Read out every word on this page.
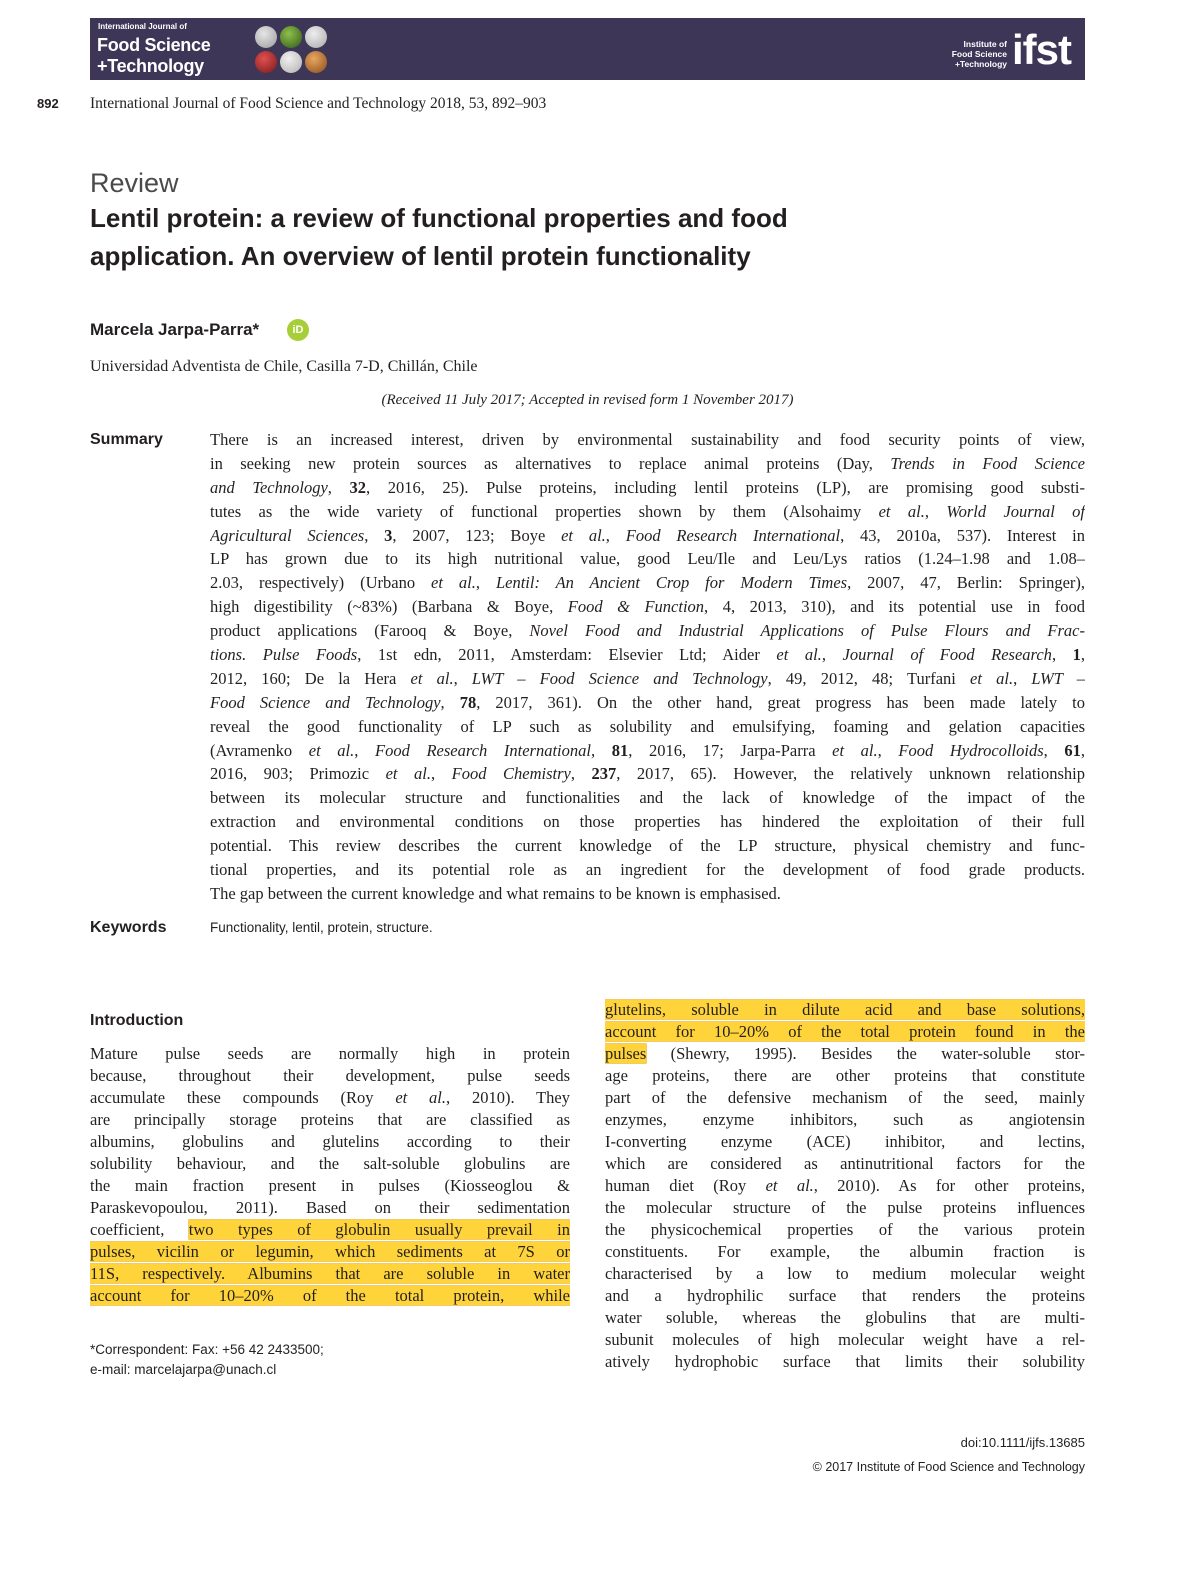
International Journal of
Food Science
+Technology
Institute of
Food Science
+Technology ifst
892 International Journal of Food Science and Technology 2018, 53, 892–903
Review
Lentil protein: a review of functional properties and food
application. An overview of lentil protein functionality
Marcela Jarpa-Parra*	iD
Universidad Adventista de Chile, Casilla 7-D, Chillán, Chile
(Received 11 July 2017; Accepted in revised form 1 November 2017)
Summary	There is an increased interest, driven by environmental sustainability and food security points of view,
in seeking new protein sources as alternatives to replace animal proteins (Day, Trends in Food Science
and Technology, 32, 2016, 25). Pulse proteins, including lentil proteins (LP), are promising good substi-
tutes as the wide variety of functional properties shown by them (Alsohaimy et al., World Journal of
Agricultural Sciences, 3, 2007, 123; Boye et al., Food Research International, 43, 2010a, 537). Interest in
LP has grown due to its high nutritional value, good Leu/Ile and Leu/Lys ratios (1.24–1.98 and 1.08–
2.03, respectively) (Urbano et al., Lentil: An Ancient Crop for Modern Times, 2007, 47, Berlin: Springer),
high digestibility (~83%) (Barbana & Boye, Food & Function, 4, 2013, 310), and its potential use in food
product applications (Farooq & Boye, Novel Food and Industrial Applications of Pulse Flours and Frac-
tions. Pulse Foods, 1st edn, 2011, Amsterdam: Elsevier Ltd; Aider et al., Journal of Food Research, 1,
2012, 160; De la Hera et al., LWT – Food Science and Technology, 49, 2012, 48; Turfani et al., LWT –
Food Science and Technology, 78, 2017, 361). On the other hand, great progress has been made lately to
reveal the good functionality of LP such as solubility and emulsifying, foaming and gelation capacities
(Avramenko et al., Food Research International, 81, 2016, 17; Jarpa-Parra et al., Food Hydrocolloids, 61,
2016, 903; Primozic et al., Food Chemistry, 237, 2017, 65). However, the relatively unknown relationship
between its molecular structure and functionalities and the lack of knowledge of the impact of the
extraction and environmental conditions on those properties has hindered the exploitation of their full
potential. This review describes the current knowledge of the LP structure, physical chemistry and func-
tional properties, and its potential role as an ingredient for the development of food grade products.
The gap between the current knowledge and what remains to be known is emphasised.
Keywords	Functionality, lentil, protein, structure.
Introduction
Mature pulse seeds are normally high in protein
because, throughout their development, pulse seeds
accumulate these compounds (Roy et al., 2010). They
are principally storage proteins that are classified as
albumins, globulins and glutelins according to their
solubility behaviour, and the salt-soluble globulins are
the main fraction present in pulses (Kiosseoglou &
Paraskevopoulou, 2011). Based on their sedimentation
coefficient, two types of globulin usually prevail in
pulses, vicilin or legumin, which sediments at 7S or
11S, respectively. Albumins that are soluble in water
account for 10–20% of the total protein, while
glutelins, soluble in dilute acid and base solutions,
account for 10–20% of the total protein found in the
pulses (Shewry, 1995). Besides the water-soluble stor-
age proteins, there are other proteins that constitute
part of the defensive mechanism of the seed, mainly
enzymes, enzyme inhibitors, such as angiotensin
I-converting enzyme (ACE) inhibitor, and lectins,
which are considered as antinutritional factors for the
human diet (Roy et al., 2010). As for other proteins,
the molecular structure of the pulse proteins influences
the physicochemical properties of the various protein
constituents. For example, the albumin fraction is
characterised by a low to medium molecular weight
and a hydrophilic surface that renders the proteins
water soluble, whereas the globulins that are multi-
subunit molecules of high molecular weight have a rel-
atively hydrophobic surface that limits their solubility
*Correspondent: Fax: +56 42 2433500;
e-mail: marcelajarpa@unach.cl
doi:10.1111/ijfs.13685
© 2017 Institute of Food Science and Technology
